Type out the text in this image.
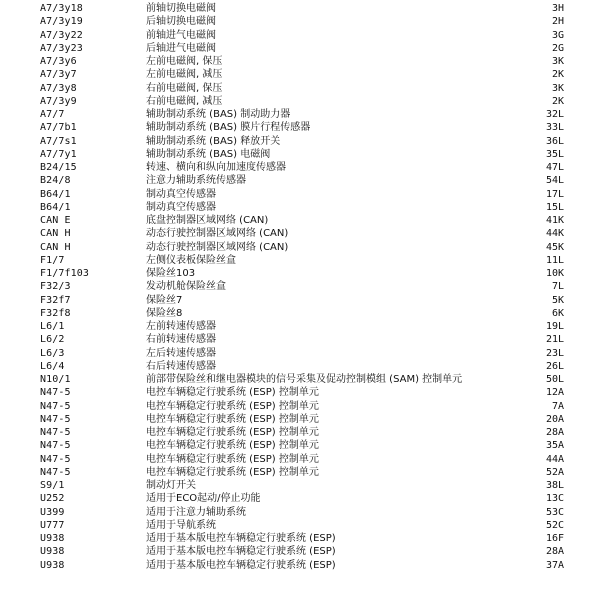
A7/3y18	前轴切换电磁阀	3H
A7/3y19	后轴切换电磁阀	2H
A7/3y22	前轴进气电磁阀	3G
A7/3y23	后轴进气电磁阀	2G
A7/3y6	左前电磁阀, 保压	3K
A7/3y7	左前电磁阀, 减压	2K
A7/3y8	右前电磁阀, 保压	3K
A7/3y9	右前电磁阀, 减压	2K
A7/7	辅助制动系统 (BAS) 制动助力器	32L
A7/7b1	辅助制动系统 (BAS) 膜片行程传感器	33L
A7/7s1	辅助制动系统 (BAS) 释放开关	36L
A7/7y1	辅助制动系统 (BAS) 电磁阀	35L
B24/15	转速、横向和纵向加速度传感器	47L
B24/8	注意力辅助系统传感器	54L
B64/1	制动真空传感器	17L
B64/1	制动真空传感器	15L
CAN E	底盘控制器区域网络 (CAN)	41K
CAN H	动态行驶控制器区域网络 (CAN)	44K
CAN H	动态行驶控制器区域网络 (CAN)	45K
F1/7	左侧仪表板保险丝盒	11L
F1/7f103	保险丝103	10K
F32/3	发动机舱保险丝盒	7L
F32f7	保险丝7	5K
F32f8	保险丝8	6K
L6/1	左前转速传感器	19L
L6/2	右前转速传感器	21L
L6/3	左后转速传感器	23L
L6/4	右后转速传感器	26L
N10/1	前部带保险丝和继电器模块的信号采集及促动控制模组 (SAM) 控制单元	50L
N47-5	电控车辆稳定行驶系统 (ESP) 控制单元	12A
N47-5	电控车辆稳定行驶系统 (ESP) 控制单元	7A
N47-5	电控车辆稳定行驶系统 (ESP) 控制单元	20A
N47-5	电控车辆稳定行驶系统 (ESP) 控制单元	28A
N47-5	电控车辆稳定行驶系统 (ESP) 控制单元	35A
N47-5	电控车辆稳定行驶系统 (ESP) 控制单元	44A
N47-5	电控车辆稳定行驶系统 (ESP) 控制单元	52A
S9/1	制动灯开关	38L
U252	适用于ECO起动/停止功能	13C
U399	适用于注意力辅助系统	53C
U777	适用于导航系统	52C
U938	适用于基本版电控车辆稳定行驶系统 (ESP)	16F
U938	适用于基本版电控车辆稳定行驶系统 (ESP)	28A
U938	适用于基本版电控车辆稳定行驶系统 (ESP)	37A
